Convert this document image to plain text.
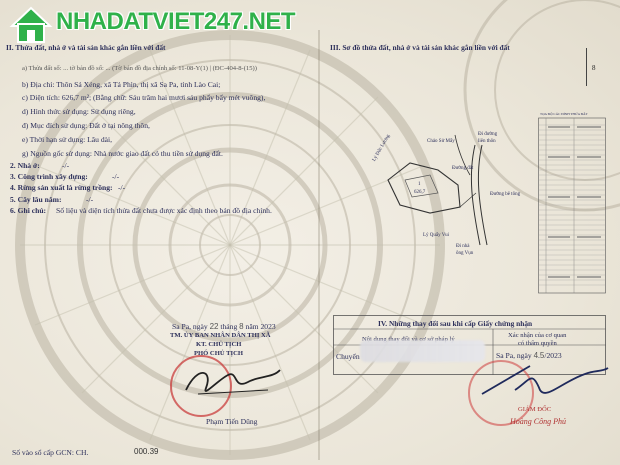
NHADATVIET247.NET
II. Thửa đất, nhà ở và tài sản khác gắn liền với đất
a) Thửa đất số: ... tờ bản đồ số: ... (Tờ bản đồ địa chính số: 11-08-Y(1) | (ĐC-404-8-(15))
b) Địa chỉ: Thôn Sả Xéng, xã Tả Phìn, thị xã Sa Pa, tỉnh Lào Cai;
c) Diện tích: 626,7 m²; (Bằng chữ: Sáu trăm hai mươi sáu phẩy bẩy mét vuông),
d) Hình thức sử dụng: Sử dụng riêng,
đ) Mục đích sử dụng: Đất ở tại nông thôn,
e) Thời hạn sử dụng: Lâu dài,
g) Nguồn gốc sử dụng: Nhà nước giao đất có thu tiền sử dụng đất.
2. Nhà ở:	-/-
3. Công trình xây dựng:	-/-
4. Rừng sản xuất là rừng trồng: -/-
5. Cây lâu năm:	-/-
6. Ghi chú: Số liệu và diện tích thửa đất chưa được xác định theo bản đồ địa chính.
Sa Pa, ngày 22 tháng 8 năm 2023
TM. ỦY BAN NHÂN DÂN THỊ XÃ
KT. CHỦ TỊCH
PHÓ CHỦ TỊCH
Phạm Tiến Dũng
Số vào sổ cấp GCN: CH.	000.39
III. Sơ đồ thửa đất, nhà ở và tài sản khác gắn liền với đất
8
Đi đường
liên thôn
Chảo Sử Mẩy
Lý Đức Lương
Đường đất
Đường bê tông
Lý Quẩy Vui
Đi nhà
ông Vụn
1
626,7
TỌA ĐỘ CÁC ĐỈNH THỬA ĐẤT
IV. Những thay đổi sau khi cấp Giấy chứng nhận
Xác nhận của cơ quan
có thẩm quyền
Chuyển	Sa Pa, ngày 4.5/2023
GIÁM ĐỐC
Hoàng Công Phú
